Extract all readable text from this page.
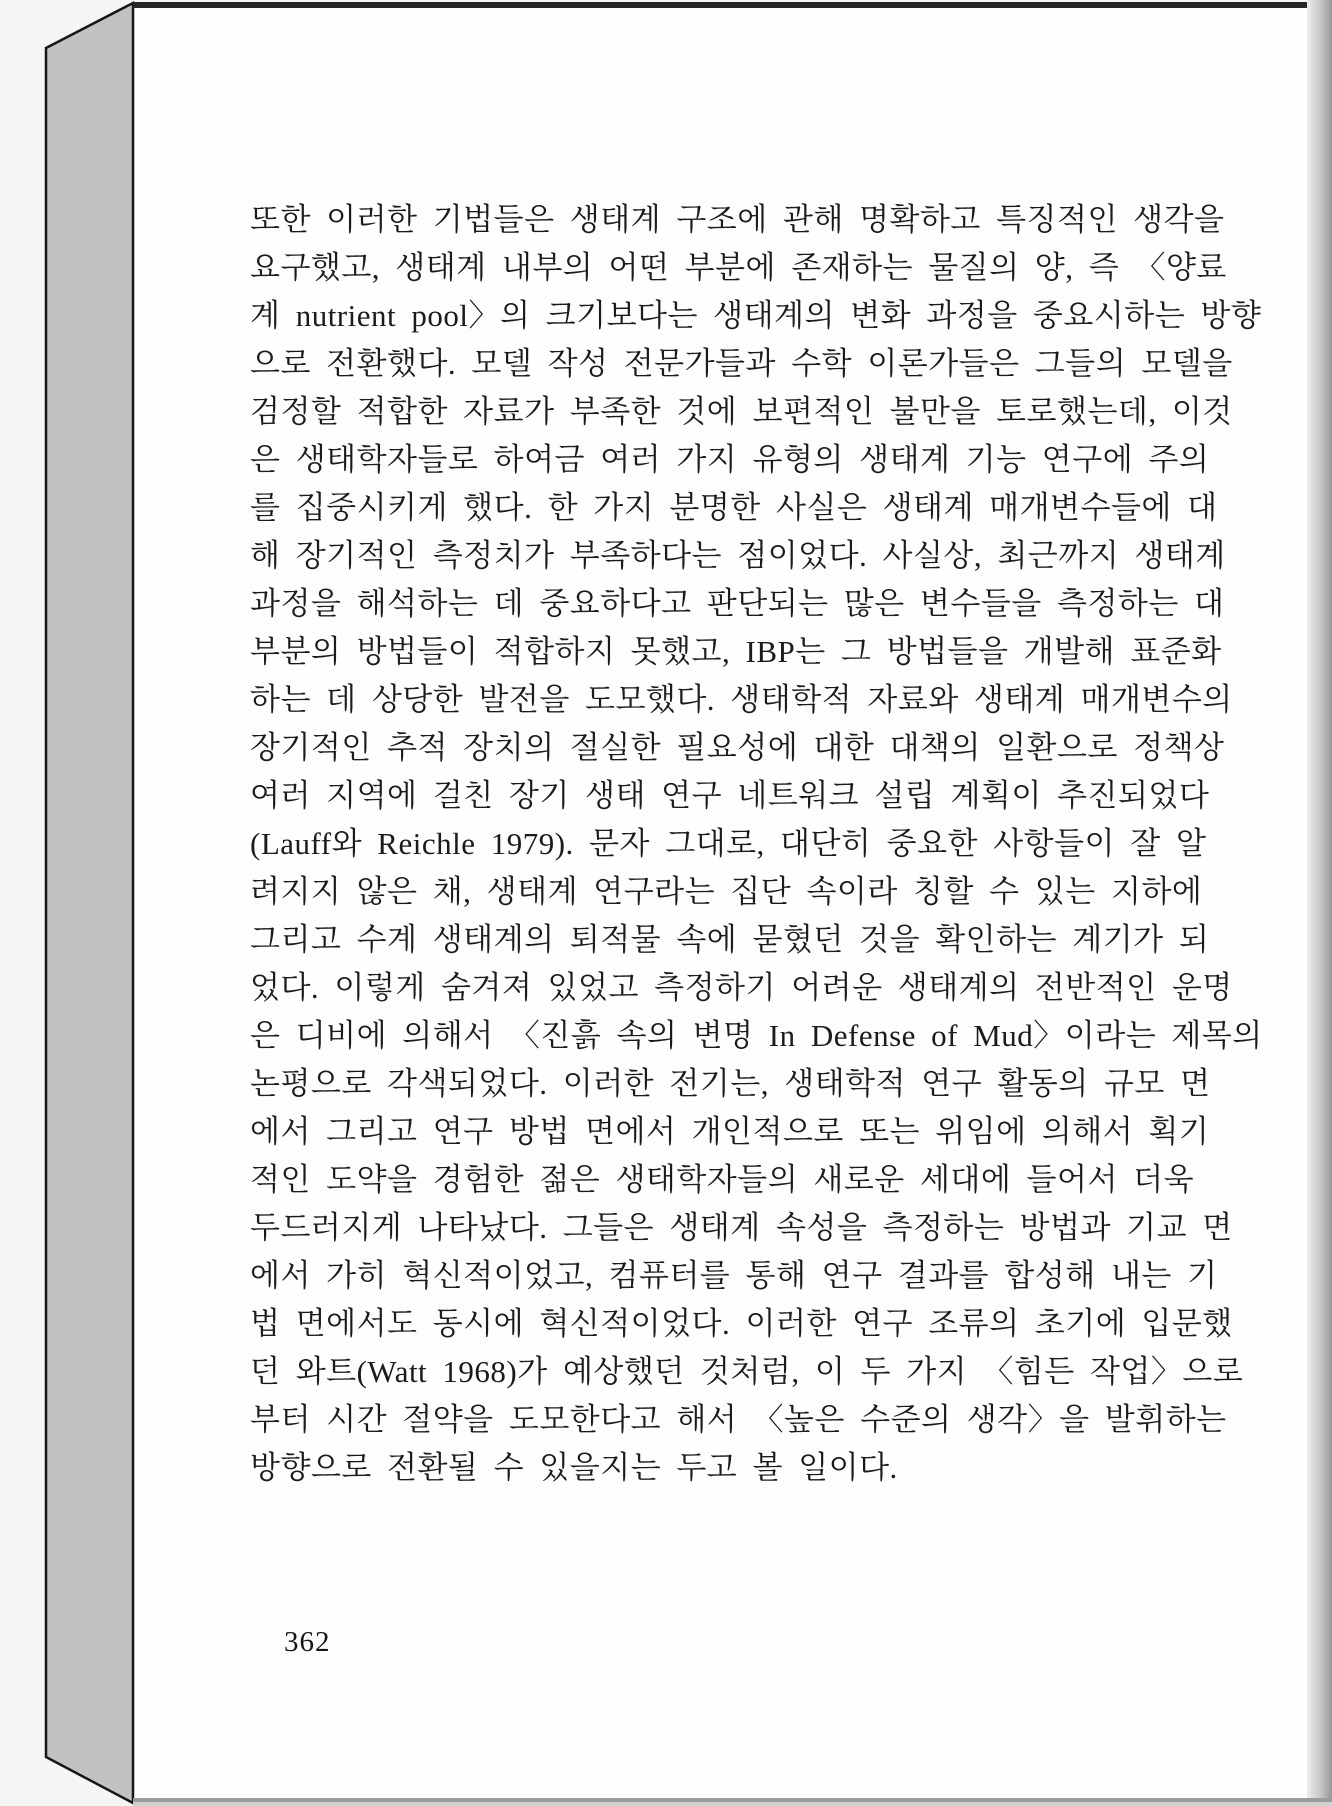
또한 이러한 기법들은 생태계 구조에 관해 명확하고 특징적인 생각을
요구했고, 생태계 내부의 어떤 부분에 존재하는 물질의 양, 즉 〈양료
계 nutrient pool〉의 크기보다는 생태계의 변화 과정을 중요시하는 방향
으로 전환했다. 모델 작성 전문가들과 수학 이론가들은 그들의 모델을
검정할 적합한 자료가 부족한 것에 보편적인 불만을 토로했는데, 이것
은 생태학자들로 하여금 여러 가지 유형의 생태계 기능 연구에 주의
를 집중시키게 했다. 한 가지 분명한 사실은 생태계 매개변수들에 대
해 장기적인 측정치가 부족하다는 점이었다. 사실상, 최근까지 생태계
과정을 해석하는 데 중요하다고 판단되는 많은 변수들을 측정하는 대
부분의 방법들이 적합하지 못했고, IBP는 그 방법들을 개발해 표준화
하는 데 상당한 발전을 도모했다. 생태학적 자료와 생태계 매개변수의
장기적인 추적 장치의 절실한 필요성에 대한 대책의 일환으로 정책상
여러 지역에 걸친 장기 생태 연구 네트워크 설립 계획이 추진되었다
(Lauff와 Reichle 1979). 문자 그대로, 대단히 중요한 사항들이 잘 알
려지지 않은 채, 생태계 연구라는 집단 속이라 칭할 수 있는 지하에
그리고 수계 생태계의 퇴적물 속에 묻혔던 것을 확인하는 계기가 되
었다. 이렇게 숨겨져 있었고 측정하기 어려운 생태계의 전반적인 운명
은 디비에 의해서 〈진흙 속의 변명 In Defense of Mud〉이라는 제목의
논평으로 각색되었다. 이러한 전기는, 생태학적 연구 활동의 규모 면
에서 그리고 연구 방법 면에서 개인적으로 또는 위임에 의해서 획기
적인 도약을 경험한 젊은 생태학자들의 새로운 세대에 들어서 더욱
두드러지게 나타났다. 그들은 생태계 속성을 측정하는 방법과 기교 면
에서 가히 혁신적이었고, 컴퓨터를 통해 연구 결과를 합성해 내는 기
법 면에서도 동시에 혁신적이었다. 이러한 연구 조류의 초기에 입문했
던 와트(Watt 1968)가 예상했던 것처럼, 이 두 가지 〈힘든 작업〉으로
부터 시간 절약을 도모한다고 해서 〈높은 수준의 생각〉을 발휘하는
방향으로 전환될 수 있을지는 두고 볼 일이다.
362
